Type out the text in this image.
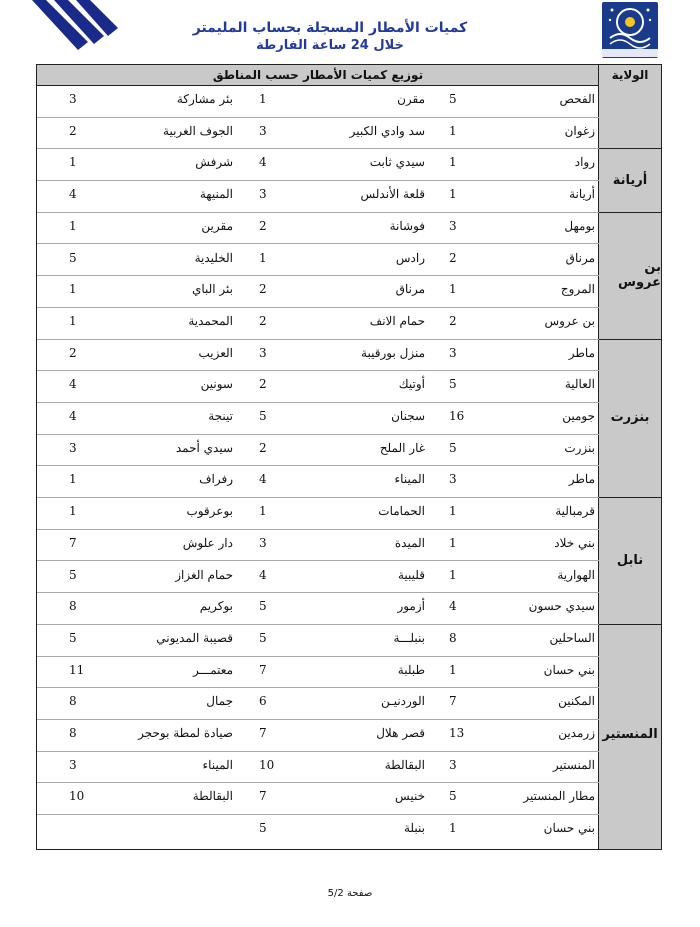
كميات الأمطار المسجلة بحساب المليمتر
خلال 24 ساعة الفارطة
الولاية
توزيع كميات الأمطار حسب المناطق
أريانة
بن عروس
بنزرت
نابل
المنستير
الفحص
5
مقرن
1
بئر مشاركة
3
زغوان
1
سد وادي الكبير
3
الجوف الغربية
2
رواد
1
سيدي ثابت
4
شرفش
1
أريانة
1
قلعة الأندلس
3
المنيهة
4
بومهل
3
فوشانة
2
مقرين
1
مرناق
2
رادس
1
الخليدية
5
المروج
1
مرناق
2
بئر الباي
1
بن عروس
2
حمام الانف
2
المحمدية
1
ماطر
3
منزل بورقيبة
3
العزيب
2
العالية
5
أوتيك
2
سونين
4
جومين
16
سجنان
5
تينجة
4
بنزرت
5
غار الملح
2
سيدي أحمد
3
ماطر
3
الميناء
4
رفراف
1
قرمبالية
1
الحمامات
1
بوعرقوب
1
بني خلاد
1
الميدة
3
دار علوش
7
الهوارية
1
قليبية
4
حمام الغزاز
5
سيدي حسون
4
أزمور
5
بوكريم
8
الساحلين
8
بنبلـــة
5
قصيبة المديوني
5
بني حسان
1
طبلبة
7
معتمـــر
11
المكنين
7
الوردنيـن
6
جمال
8
زرمدين
13
قصر هلال
7
صيادة لمطة بوحجر
8
المنستير
3
البقالطة
10
الميناء
3
مطار المنستير
5
خنيس
7
البقالطة
10
بني حسان
1
بنبلة
5
صفحة 5/2
